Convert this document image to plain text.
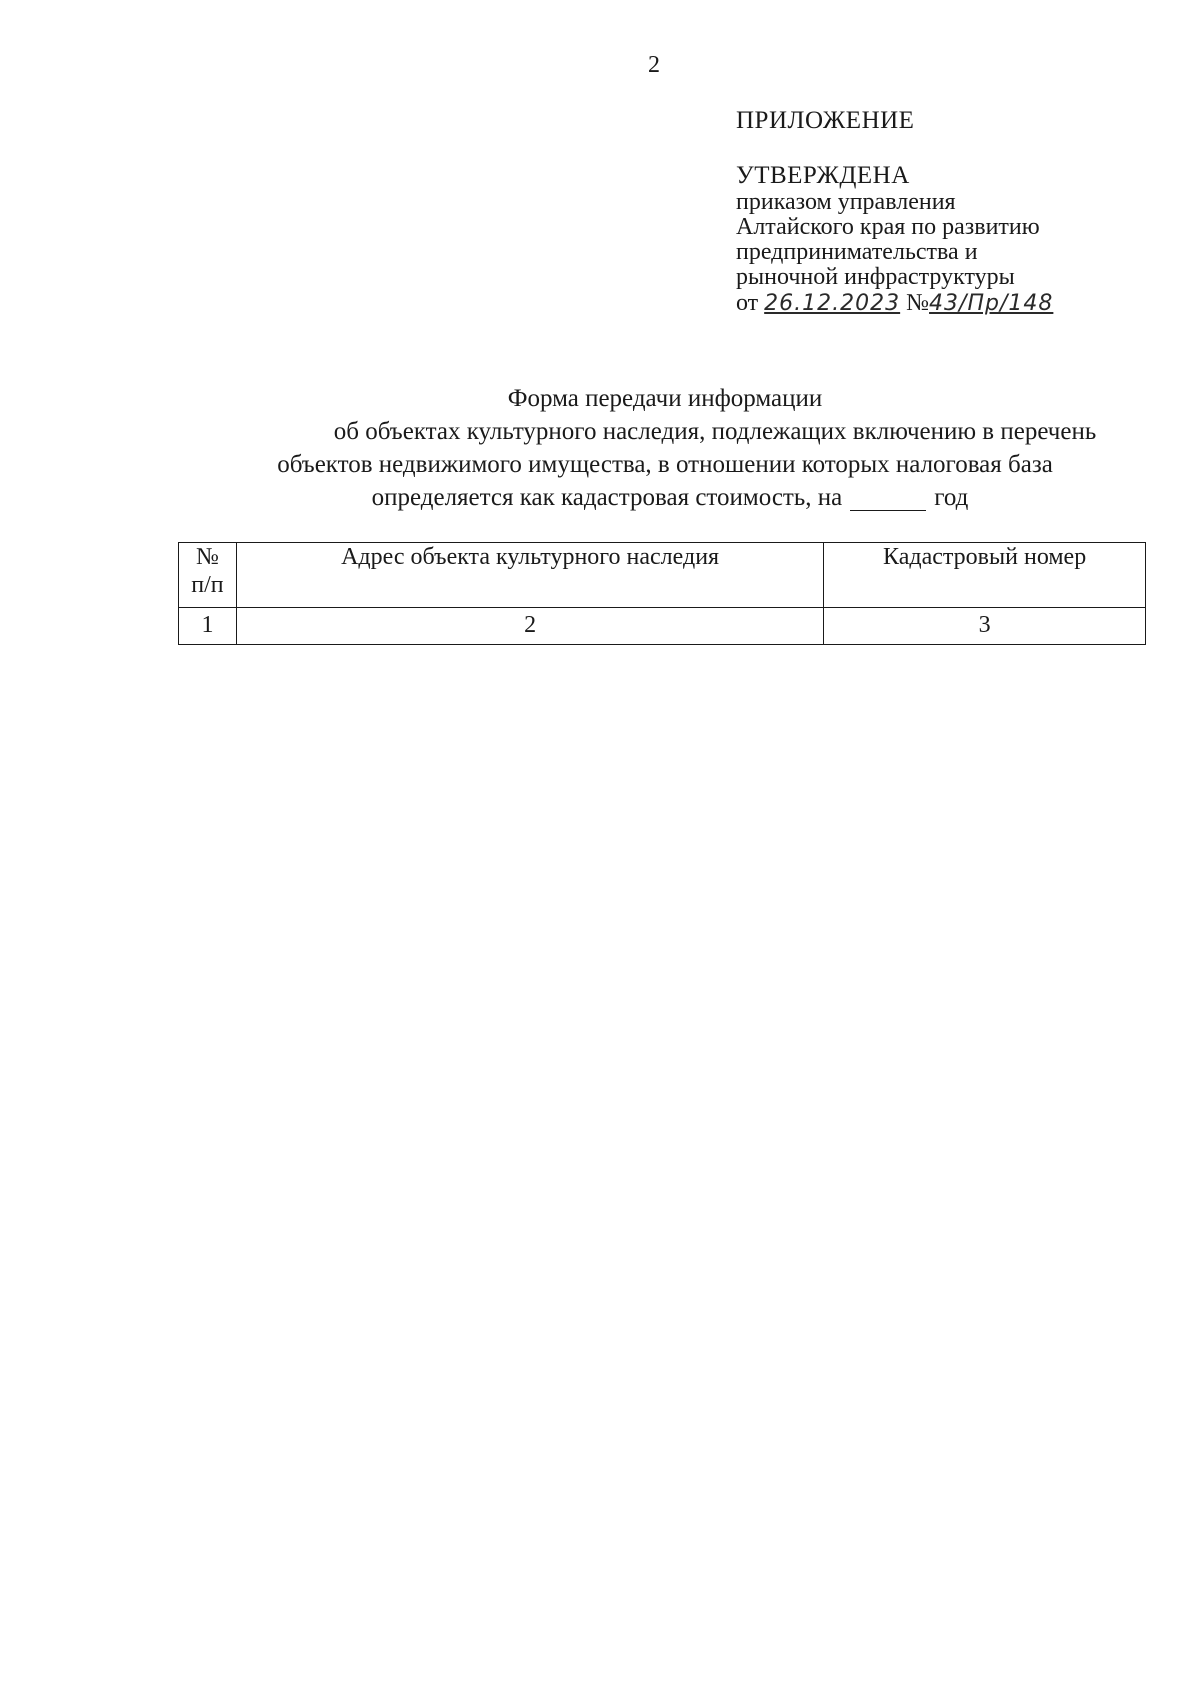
2

ПРИЛОЖЕНИЕ

УТВЕРЖДЕНА

приказом управления

Алтайского края по развитию

предпринимательства и

рыночной инфраструктуры

от 26.12.2023 №43/Пр/148

Форма передачи информации

об объектах культурного наследия, подлежащих включению в перечень

объектов недвижимого имущества, в отношении которых налоговая база

определяется как кадастровая стоимость, на	год

№
п/п	Адрес объекта культурного наследия	Кадастровый номер
1	2	3
